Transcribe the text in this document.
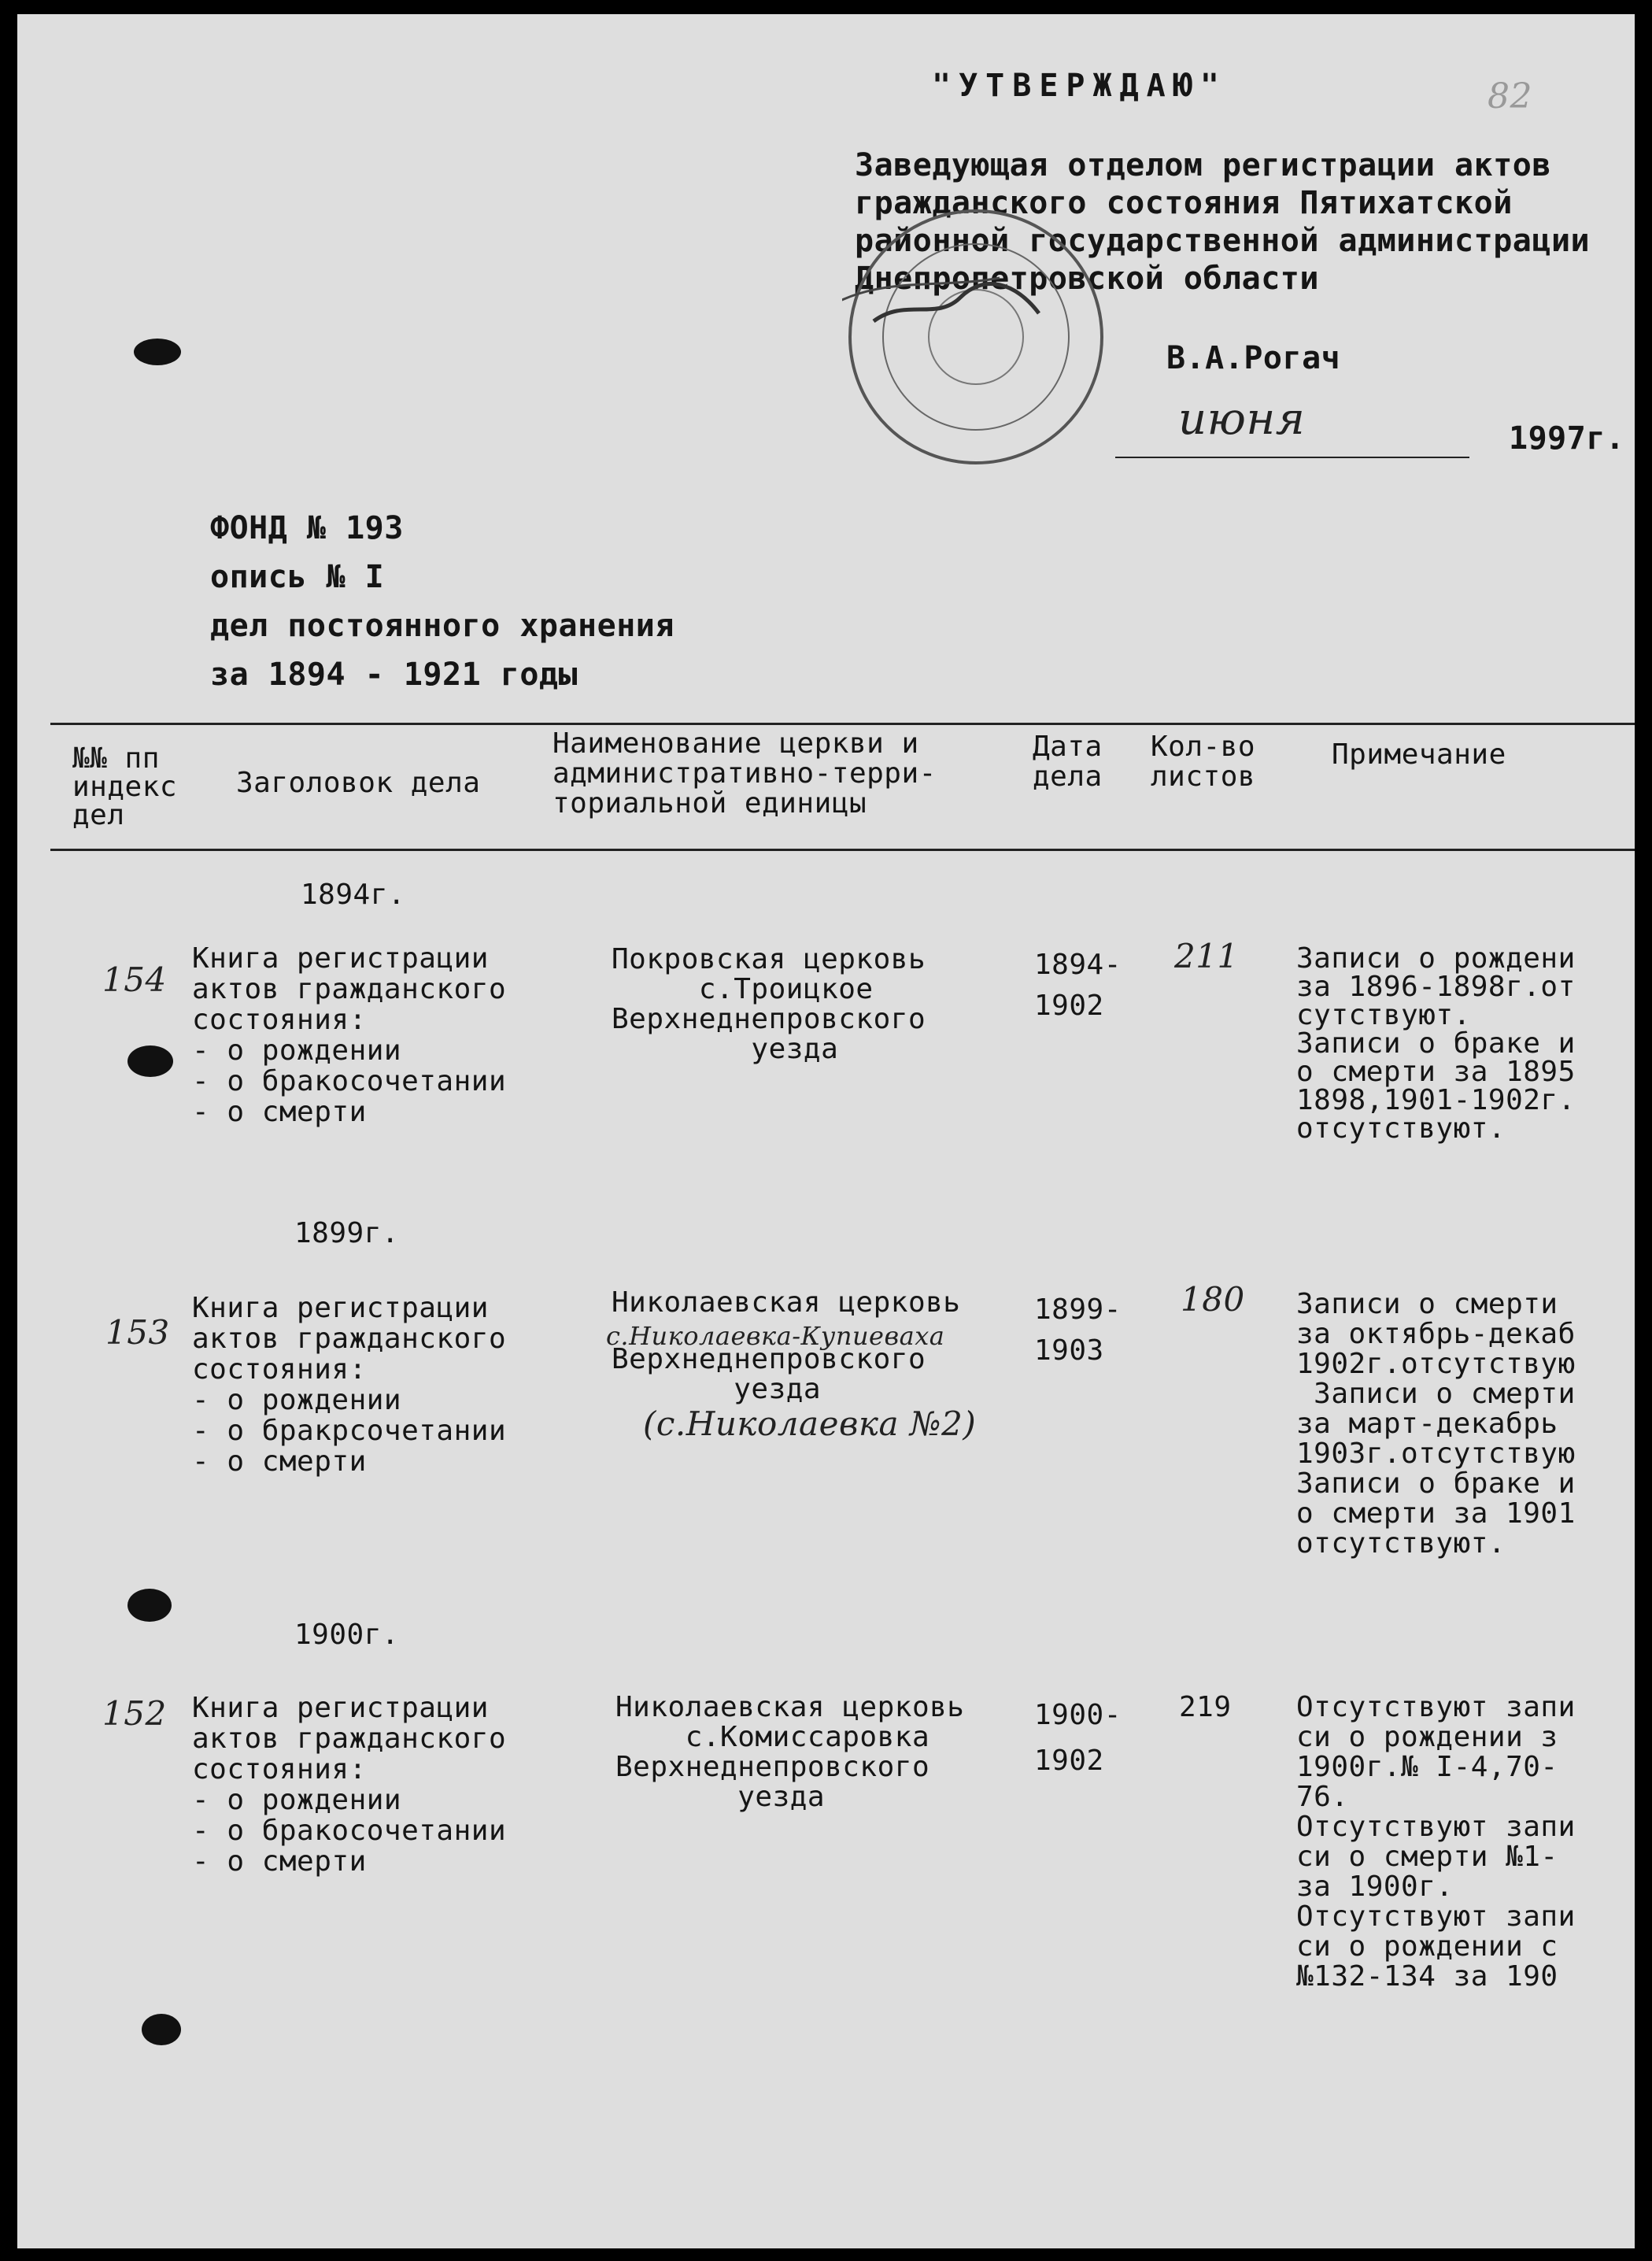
"УТВЕРЖДАЮ"
Заведующая отделом регистрации актов
гражданского состояния Пятихатской
районной государственной администрации
Днепропетровской области
В.А.Рогач
июня	1997г.
ФОНД № 193
опись № I
дел постоянного хранения
за 1894 - 1921 годы
№№ пп
индекс
дел
Заголовок дела
Наименование церкви и
административно-терри-
ториальной единицы
Дата
дела
Кол-во
листов
Примечание
1894г.
154
Книга регистрации
актов гражданского
состояния:
- о рождении
- о бракосочетании
- о смерти
Покровская церковь
с.Троицкое
Верхнеднепровского
уезда
1894-
1902
211 Записи о рождени
за 1896-1898г.от
сутствуют.
Записи о браке и
о смерти за 1895
1898,1901-1902г.
отсутствуют.
1899г.
153
Книга регистрации
актов гражданского
состояния:
- о рождении
- о бракрсочетании
- о смерти
Николаевская церковь
с.Николаевка-Купиеваха
Верхнеднепровского
уезда
(с.Николаевка №2)
1899-
1903
180 Записи о смерти
за октябрь-декаб
1902г.отсутствую
Записи о смерти
за март-декабрь
1903г.отсутствую
Записи о браке и
о смерти за 1901
отсутствуют.
1900г.
152 Книга регистрации
актов гражданского
состояния:
- о рождении
- о бракосочетании
- о смерти
Николаевская церковь
с.Комиссаровка
Верхнеднепровского
уезда
1900-
1902
219 Отсутствуют запи
си о рождении з
1900г.№ I-4,70-
76.
Отсутствуют запи
си о смерти №1-
за 1900г.
Отсутствуют запи
си о рождении с
№132-134 за 190
82
